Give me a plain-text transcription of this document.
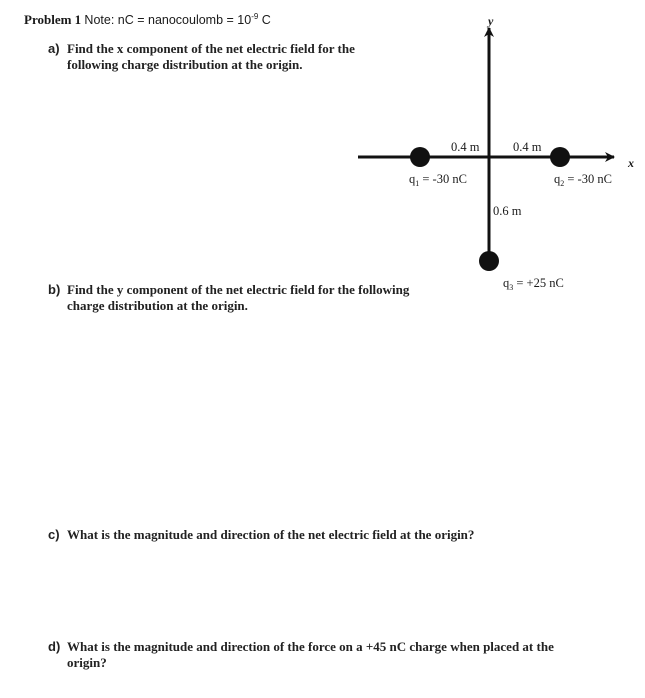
Problem 1 Note: nC = nanocoulomb = $10^{-9}$ C
a) Find the x component of the net electric field for the following charge distribution at the origin.
b) Find the y component of the net electric field for the following charge distribution at the origin.
c) What is the magnitude and direction of the net electric field at the origin?
d) What is the magnitude and direction of the force on a +45 nC charge when placed at the origin?
x
y
0.4 m	0.4 m
0.6 m
$q_1 = -30$ nC	$q_2 = -30$ nC
$q_3 = +25$ nC
